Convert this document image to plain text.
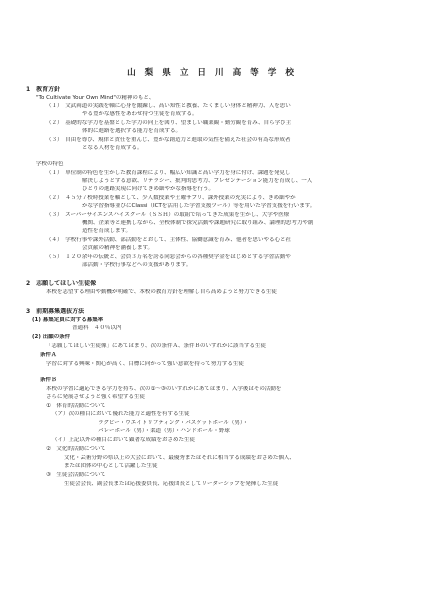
山 梨 県 立 日 川 高 等 学 校
1　教育方針
"To Cultivate Your Own Mind"の精神のもと、
（１）　文武両道の実践を軸に心身を鍛錬し、高い知性と教養、たくましい身体と精神力、人を思い
やる豊かな感性をあわせ持つ生徒を育成する。
（２）　基礎的な学力を基盤とした学力の向上を図り、望ましい職業観・勤労観を育み、自ら学び主
体的に進路を選択する能力を育成する。
（３）　自由を尊び、規律と責任を重んじ、豊かな創造力と進取の気性を備えた社会の有為な形成者
となる人材を育成する。
学校の特色
（１）　単位制の特色を生かした教育課程により、幅広い知識と高い学力を身に付け、課題を発見し
解決しようとする意欲、リテラシー、批判的思考力、プレゼンテーション能力を育成し、一人
ひとりの進路実現に向けてきめ細やかな指導を行う。
（２）　４５分７校時授業を軸として、少人数授業や土曜サプリ、課外授業の充実により、きめ細やか
かな学習指導並びにClassi（ICTを活用した学習支援ツール）等を用いた学習支援を行います。
（３）　スーパーサイエンスハイスクール（ＳＳＨ）の取組で培ってきた成果を生かし、大学や医療
機関、企業等と連携しながら、全校体制で探究活動や課題研究に取り組み、論理的思考力や創
造性を育成します。
（４）　学校行事や課外活動、部活動をとおして、主体性、協働意識を育み、他者を思いやる心と社
会貢献の精神を涵養します。
（５）　１２０余年の伝統と、会員３万名を誇る同窓会からの各種奨学金をはじめとする学習活動や
部活動・学校行事などへの支援があります。
2　志願してほしい生徒像
本校を志望する理由や動機が明確で、本校の教育方針を理解し自ら高めようと努力できる生徒
3　前期募集選抜方法
(1) 募集定員に対する募集率
普通科　４０％以内
(2) 出願の条件
「志願してほしい生徒像」にあてはまり、次の条件Ａ、条件Ｂのいずれかに該当する生徒
条件Ａ
学習に対する興味・関心が高く、目標に向かって強い意欲を持って努力する生徒
条件Ｂ
本校の学習に適応できる学力を持ち、次の①～③のいずれかにあてはまり、入学後はその活動を
さらに発展させようと強く希望する生徒
①　体育的活動について
（ア）次の種目において優れた能力と適性を有する生徒
ラグビー・ウエイトリフティング・バスケットボール（男）・
バレーボール（男）・柔道（男）・ハンドボール・野球
（イ）上記以外の種目において顕著な成績をおさめた生徒
②　文化的活動について
文化・芸術分野の県以上の大会において、最優秀またはそれに相当する成績をおさめた個人、
または団体の中心として活躍した生徒
③　生徒会活動について
生徒会会長、副会長または応援委員長、応援団長としてリーダーシップを発揮した生徒
